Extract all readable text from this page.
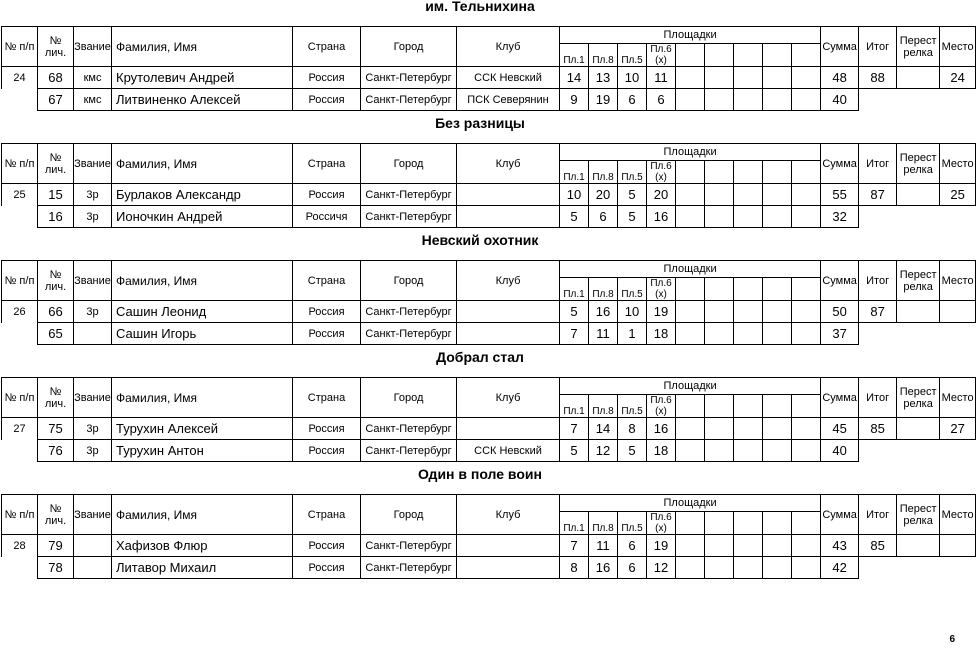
им. Тельнихина
№ п/п	№ лич.	Звание	Фамилия, Имя	Страна	Город	Клуб	Площадки									Сумма	Итог	Перест релка	Место
							Пл.1	Пл.8	Пл.5	Пл.6 (х)									
24	68	кмс	Крутолевич Андрей	Россия	Санкт-Петербург	ССК Невский	14	13	10	11						48	88		24
	67	кмс	Литвиненко Алексей	Россия	Санкт-Петербург	ПСК Северянин	9	19	6	6						40			
Без разницы
№ п/п	№ лич.	Звание	Фамилия, Имя	Страна	Город	Клуб	Площадки									Сумма	Итог	Перест релка	Место
							Пл.1	Пл.8	Пл.5	Пл.6 (х)									
25	15	3р	Бурлаков Александр	Россия	Санкт-Петербург		10	20	5	20						55	87		25
	16	3р	Ионочкин Андрей	Россичя	Санкт-Петербург		5	6	5	16						32			
Невский охотник
№ п/п	№ лич.	Звание	Фамилия, Имя	Страна	Город	Клуб	Площадки									Сумма	Итог	Перест релка	Место
							Пл.1	Пл.8	Пл.5	Пл.6 (х)									
26	66	3р	Сашин Леонид	Россия	Санкт-Петербург		5	16	10	19						50	87		
	65		Сашин Игорь	Россия	Санкт-Петербург		7	11	1	18						37			
Добрал стал
№ п/п	№ лич.	Звание	Фамилия, Имя	Страна	Город	Клуб	Площадки									Сумма	Итог	Перест релка	Место
							Пл.1	Пл.8	Пл.5	Пл.6 (х)									
27	75	3р	Турухин Алексей	Россия	Санкт-Петербург		7	14	8	16						45	85		27
	76	3р	Турухин Антон	Россия	Санкт-Петербург	ССК Невский	5	12	5	18						40			
Один в поле воин
№ п/п	№ лич.	Звание	Фамилия, Имя	Страна	Город	Клуб	Площадки									Сумма	Итог	Перест релка	Место
							Пл.1	Пл.8	Пл.5	Пл.6 (х)									
28	79		Хафизов Флюр	Россия	Санкт-Петербург		7	11	6	19						43	85		
	78		Литавор Михаил	Россия	Санкт-Петербург		8	16	6	12						42			
6
